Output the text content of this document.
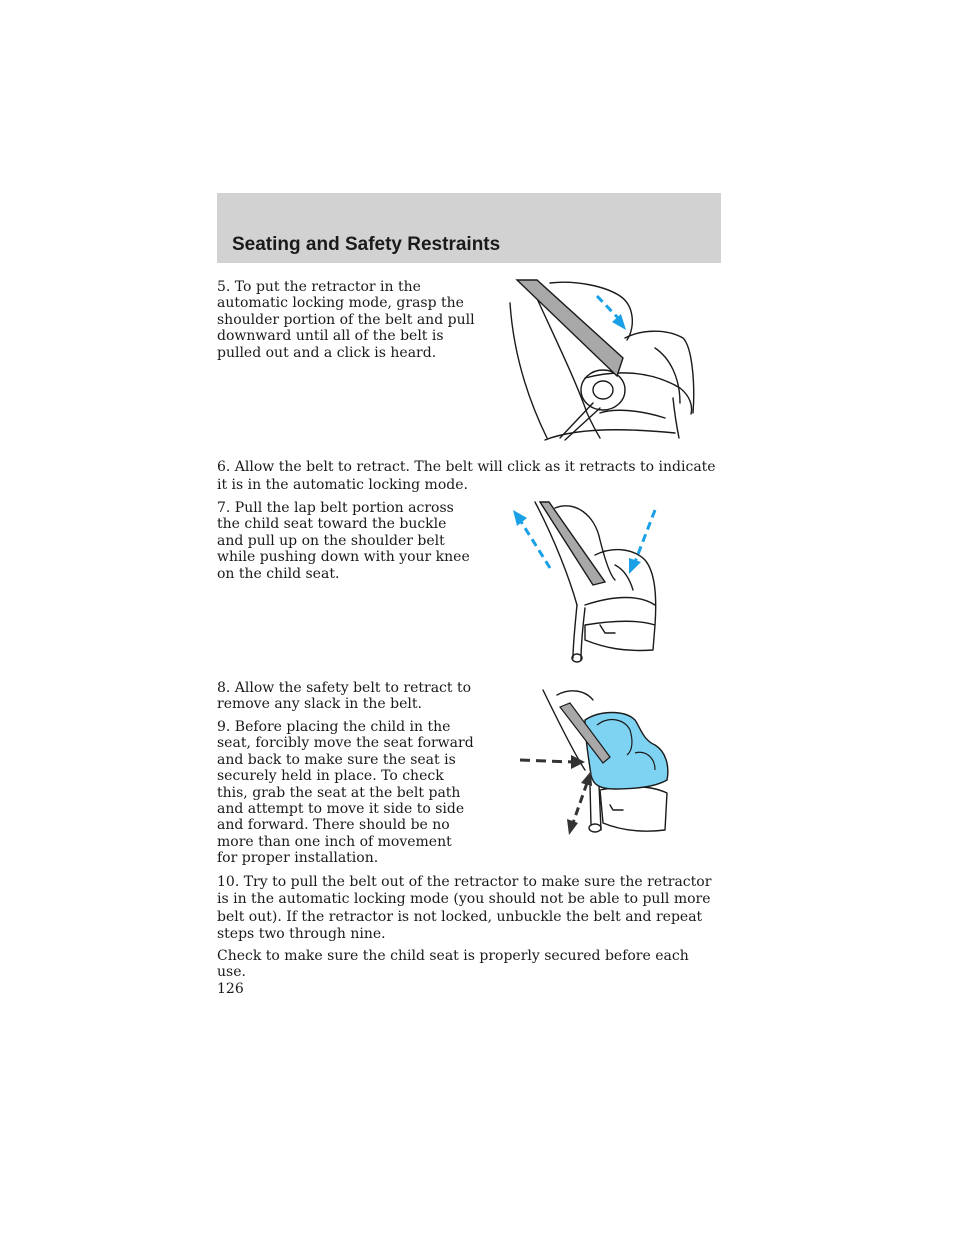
Seating and Safety Restraints

5. To put the retractor in the automatic locking mode, grasp the shoulder portion of the belt and pull downward until all of the belt is pulled out and a click is heard.

6. Allow the belt to retract. The belt will click as it retracts to indicate it is in the automatic locking mode.

7. Pull the lap belt portion across the child seat toward the buckle and pull up on the shoulder belt while pushing down with your knee on the child seat.

8. Allow the safety belt to retract to remove any slack in the belt.

9. Before placing the child in the seat, forcibly move the seat forward and back to make sure the seat is securely held in place. To check this, grab the seat at the belt path and attempt to move it side to side and forward. There should be no more than one inch of movement for proper installation.

10. Try to pull the belt out of the retractor to make sure the retractor is in the automatic locking mode (you should not be able to pull more belt out). If the retractor is not locked, unbuckle the belt and repeat steps two through nine.

Check to make sure the child seat is properly secured before each use.

126
